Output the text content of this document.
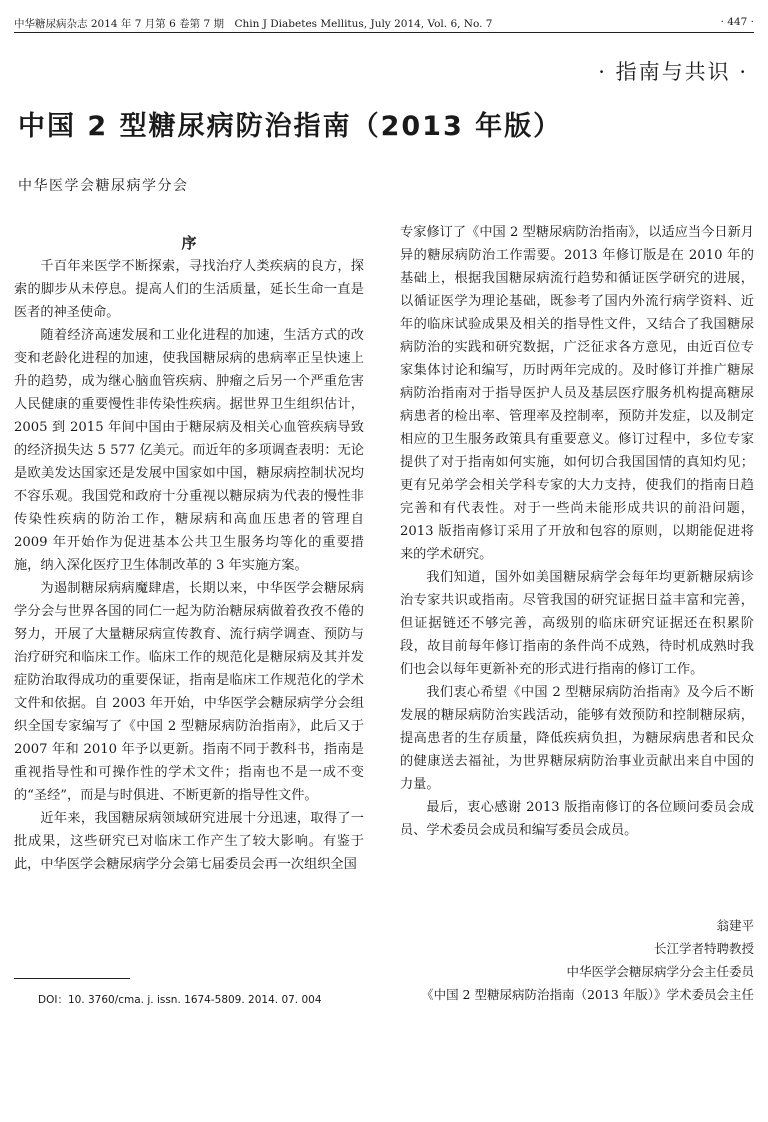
中华糖尿病杂志 2014 年 7 月第 6 卷第 7 期　Chin J Diabetes Mellitus, July 2014, Vol. 6, No. 7	· 447 ·
· 指南与共识 ·
中国 2 型糖尿病防治指南（2013 年版）
中华医学会糖尿病学分会

序

千百年来医学不断探索，寻找治疗人类疾病的良方，探索的脚步从未停息。提高人们的生活质量，延长生命一直是医者的神圣使命。

随着经济高速发展和工业化进程的加速，生活方式的改变和老龄化进程的加速，使我国糖尿病的患病率正呈快速上升的趋势，成为继心脑血管疾病、肿瘤之后另一个严重危害人民健康的重要慢性非传染性疾病。据世界卫生组织估计，2005 到 2015 年间中国由于糖尿病及相关心血管疾病导致的经济损失达 5 577 亿美元。而近年的多项调查表明：无论是欧美发达国家还是发展中国家如中国，糖尿病控制状况均不容乐观。我国党和政府十分重视以糖尿病为代表的慢性非传染性疾病的防治工作，糖尿病和高血压患者的管理自 2009 年开始作为促进基本公共卫生服务均等化的重要措施，纳入深化医疗卫生体制改革的 3 年实施方案。

为遏制糖尿病病魔肆虐，长期以来，中华医学会糖尿病学分会与世界各国的同仁一起为防治糖尿病做着孜孜不倦的努力，开展了大量糖尿病宣传教育、流行病学调查、预防与治疗研究和临床工作。临床工作的规范化是糖尿病及其并发症防治取得成功的重要保证，指南是临床工作规范化的学术文件和依据。自 2003 年开始，中华医学会糖尿病学分会组织全国专家编写了《中国 2 型糖尿病防治指南》，此后又于 2007 年和 2010 年予以更新。指南不同于教科书，指南是重视指导性和可操作性的学术文件；指南也不是一成不变的“圣经”，而是与时俱进、不断更新的指导性文件。

近年来，我国糖尿病领域研究进展十分迅速，取得了一批成果，这些研究已对临床工作产生了较大影响。有鉴于此，中华医学会糖尿病学分会第七届委员会再一次组织全国

专家修订了《中国 2 型糖尿病防治指南》，以适应当今日新月异的糖尿病防治工作需要。2013 年修订版是在 2010 年的基础上，根据我国糖尿病流行趋势和循证医学研究的进展，以循证医学为理论基础，既参考了国内外流行病学资料、近年的临床试验成果及相关的指导性文件，又结合了我国糖尿病防治的实践和研究数据，广泛征求各方意见，由近百位专家集体讨论和编写，历时两年完成的。及时修订并推广糖尿病防治指南对于指导医护人员及基层医疗服务机构提高糖尿病患者的检出率、管理率及控制率，预防并发症，以及制定相应的卫生服务政策具有重要意义。修订过程中，多位专家提供了对于指南如何实施，如何切合我国国情的真知灼见；更有兄弟学会相关学科专家的大力支持，使我们的指南日趋完善和有代表性。对于一些尚未能形成共识的前沿问题，2013 版指南修订采用了开放和包容的原则，以期能促进将来的学术研究。

我们知道，国外如美国糖尿病学会每年均更新糖尿病诊治专家共识或指南。尽管我国的研究证据日益丰富和完善，但证据链还不够完善，高级别的临床研究证据还在积累阶段，故目前每年修订指南的条件尚不成熟，待时机成熟时我们也会以每年更新补充的形式进行指南的修订工作。

我们衷心希望《中国 2 型糖尿病防治指南》及今后不断发展的糖尿病防治实践活动，能够有效预防和控制糖尿病，提高患者的生存质量，降低疾病负担，为糖尿病患者和民众的健康送去福祉，为世界糖尿病防治事业贡献出来自中国的力量。

最后，衷心感谢 2013 版指南修订的各位顾问委员会成员、学术委员会成员和编写委员会成员。

翁建平
长江学者特聘教授
中华医学会糖尿病学分会主任委员
《中国 2 型糖尿病防治指南（2013 年版）》学术委员会主任
DOI：10. 3760/cma. j. issn. 1674-5809. 2014. 07. 004
